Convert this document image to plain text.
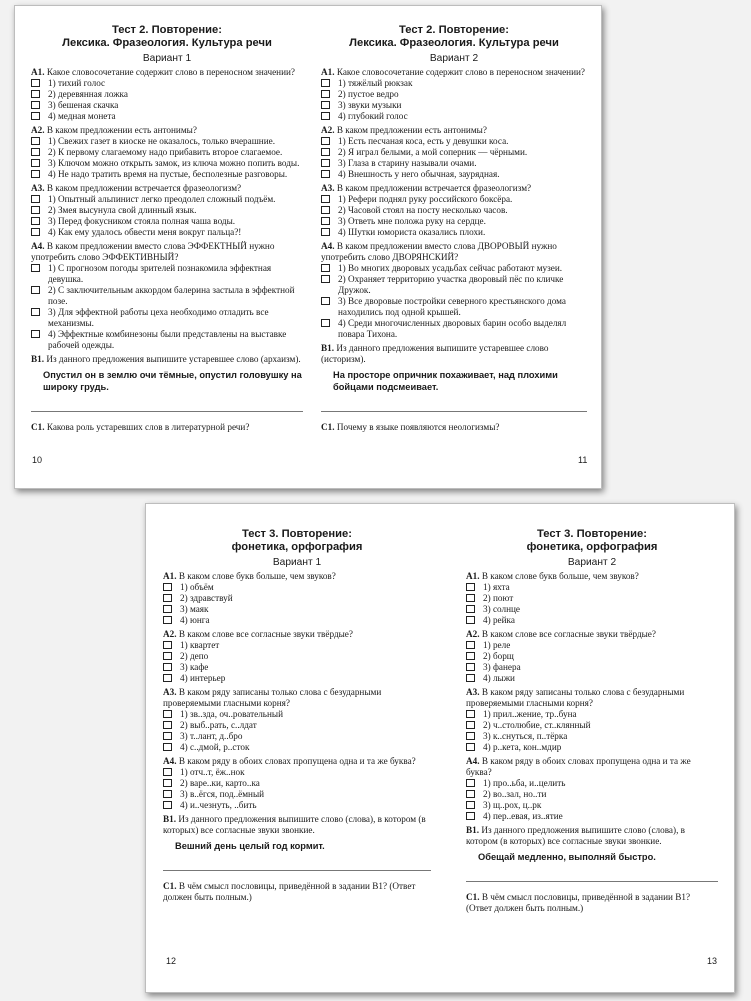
Тест 2. Повторение:
Лексика. Фразеология. Культура речи
Вариант 1
А1. Какое словосочетание содержит слово в переносном значении?
1) тихий голос
2) деревянная ложка
3) бешеная скачка
4) медная монета
А2. В каком предложении есть антонимы?
1) Свежих газет в киоске не оказалось, только вчерашние.
2) К первому слагаемому надо прибавить второе слагаемое.
3) Ключом можно открыть замок, из ключа можно попить воды.
4) Не надо тратить время на пустые, бесполезные разговоры.
А3. В каком предложении встречается фразеологизм?
1) Опытный альпинист легко преодолел сложный подъём.
2) Змея высунула свой длинный язык.
3) Перед фокусником стояла полная чаша воды.
4) Как ему удалось обвести меня вокруг пальца?!
А4. В каком предложении вместо слова ЭФФЕКТНЫЙ нужно употребить слово ЭФФЕКТИВНЫЙ?
1) С прогнозом погоды зрителей познакомила эффектная девушка.
2) С заключительным аккордом балерина застыла в эффектной позе.
3) Для эффектной работы цеха необходимо отладить все механизмы.
4) Эффектные комбинезоны были представлены на выставке рабочей одежды.
В1. Из данного предложения выпишите устаревшее слово (архаизм).
Опустил он в землю очи тёмные, опустил головушку на широку грудь.
С1. Какова роль устаревших слов в литературной речи?
10
Тест 2. Повторение:
Лексика. Фразеология. Культура речи
Вариант 2
А1. Какое словосочетание содержит слово в переносном значении?
1) тяжёлый рюкзак
2) пустое ведро
3) звуки музыки
4) глубокий голос
А2. В каком предложении есть антонимы?
1) Есть песчаная коса, есть у девушки коса.
2) Я играл белыми, а мой соперник — чёрными.
3) Глаза в старину называли очами.
4) Внешность у него обычная, заурядная.
А3. В каком предложении встречается фразеологизм?
1) Рефери поднял руку российского боксёра.
2) Часовой стоял на посту несколько часов.
3) Ответь мне положа руку на сердце.
4) Шутки юмориста оказались плохи.
А4. В каком предложении вместо слова ДВОРОВЫЙ нужно употребить слово ДВОРЯНСКИЙ?
1) Во многих дворовых усадьбах сейчас работают музеи.
2) Охраняет территорию участка дворовый пёс по кличке Дружок.
3) Все дворовые постройки северного крестьянского дома находились под одной крышей.
4) Среди многочисленных дворовых барин особо выделял повара Тихона.
В1. Из данного предложения выпишите устаревшее слово (историзм).
На просторе опричник похаживает, над плохими бойцами подсмеивает.
С1. Почему в языке появляются неологизмы?
11
Тест 3. Повторение:
фонетика, орфография
Вариант 1
А1. В каком слове букв больше, чем звуков?
1) объём
2) здравствуй
3) маяк
4) юнга
А2. В каком слове все согласные звуки твёрдые?
1) квартет
2) депо
3) кафе
4) интерьер
А3. В каком ряду записаны только слова с безударными проверяемыми гласными корня?
1) зв..зда, оч..ровательный
2) выб..рать, с..лдат
3) т..лант, д..бро
4) с..дмой, р..сток
А4. В каком ряду в обоих словах пропущена одна и та же буква?
1) отч..т, ёж..нок
2) варе..ки, карто..ка
3) в..ёгся, под..ёмный
4) и..чезнуть, ..бить
В1. Из данного предложения выпишите слово (слова), в котором (в которых) все согласные звуки звонкие.
Вешний день целый год кормит.
С1. В чём смысл пословицы, приведённой в задании В1? (Ответ должен быть полным.)
12
Тест 3. Повторение:
фонетика, орфография
Вариант 2
А1. В каком слове букв больше, чем звуков?
1) яхта
2) поют
3) солнце
4) рейка
А2. В каком слове все согласные звуки твёрдые?
1) реле
2) борщ
3) фанера
4) лыжи
А3. В каком ряду записаны только слова с безударными проверяемыми гласными корня?
1) прил..жение, тр..буна
2) ч..столюбие, ст..клянный
3) к..снуться, п..тёрка
4) р..кета, кон..мдир
А4. В каком ряду в обоих словах пропущена одна и та же буква?
1) про..ьба, и..целить
2) во..зал, но..ти
3) щ..рох, ц..рк
4) пер..евая, из..ятие
В1. Из данного предложения выпишите слово (слова), в котором (в которых) все согласные звуки звонкие.
Обещай медленно, выполняй быстро.
С1. В чём смысл пословицы, приведённой в задании В1? (Ответ должен быть полным.)
13
